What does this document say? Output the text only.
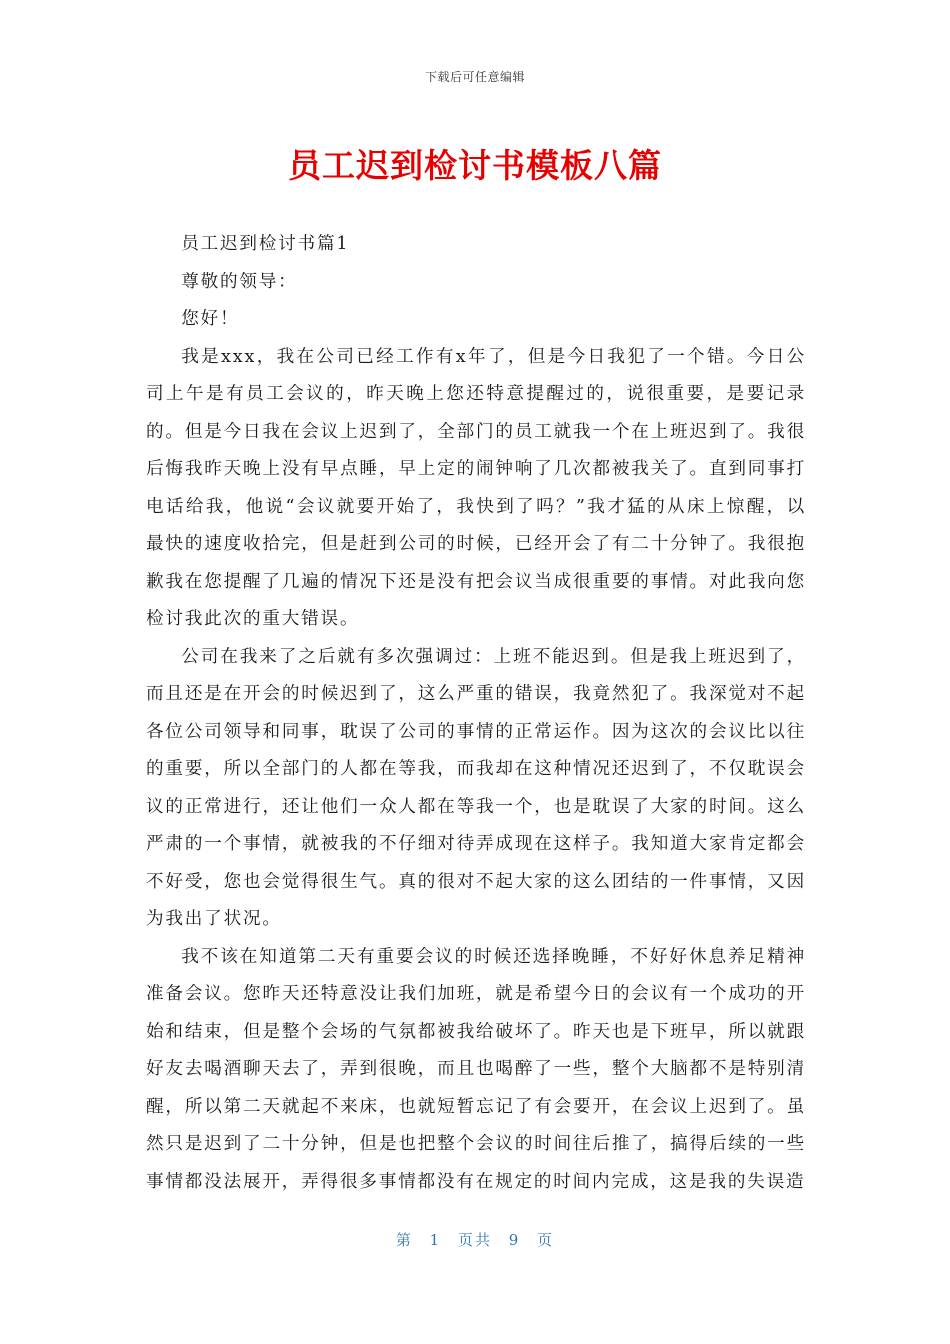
下载后可任意编辑
员工迟到检讨书模板八篇

员工迟到检讨书篇1

尊敬的领导：

您好！

我是xxx，我在公司已经工作有x年了，但是今日我犯了一个错。今日公司上午是有员工会议的，昨天晚上您还特意提醒过的，说很重要，是要记录的。但是今日我在会议上迟到了，全部门的员工就我一个在上班迟到了。我很后悔我昨天晚上没有早点睡，早上定的闹钟响了几次都被我关了。直到同事打电话给我，他说“会议就要开始了，我快到了吗？”我才猛的从床上惊醒，以最快的速度收拾完，但是赶到公司的时候，已经开会了有二十分钟了。我很抱歉我在您提醒了几遍的情况下还是没有把会议当成很重要的事情。对此我向您检讨我此次的重大错误。

公司在我来了之后就有多次强调过：上班不能迟到。但是我上班迟到了，而且还是在开会的时候迟到了，这么严重的错误，我竟然犯了。我深觉对不起各位公司领导和同事，耽误了公司的事情的正常运作。因为这次的会议比以往的重要，所以全部门的人都在等我，而我却在这种情况还迟到了，不仅耽误会议的正常进行，还让他们一众人都在等我一个，也是耽误了大家的时间。这么严肃的一个事情，就被我的不仔细对待弄成现在这样子。我知道大家肯定都会不好受，您也会觉得很生气。真的很对不起大家的这么团结的一件事情，又因为我出了状况。

我不该在知道第二天有重要会议的时候还选择晚睡，不好好休息养足精神准备会议。您昨天还特意没让我们加班，就是希望今日的会议有一个成功的开始和结束，但是整个会场的气氛都被我给破坏了。昨天也是下班早，所以就跟好友去喝酒聊天去了，弄到很晚，而且也喝醉了一些，整个大脑都不是特别清醒，所以第二天就起不来床，也就短暂忘记了有会要开，在会议上迟到了。虽然只是迟到了二十分钟，但是也把整个会议的时间往后推了，搞得后续的一些事情都没法展开，弄得很多事情都没有在规定的时间内完成，这是我的失误造

第 1 页共 9 页
